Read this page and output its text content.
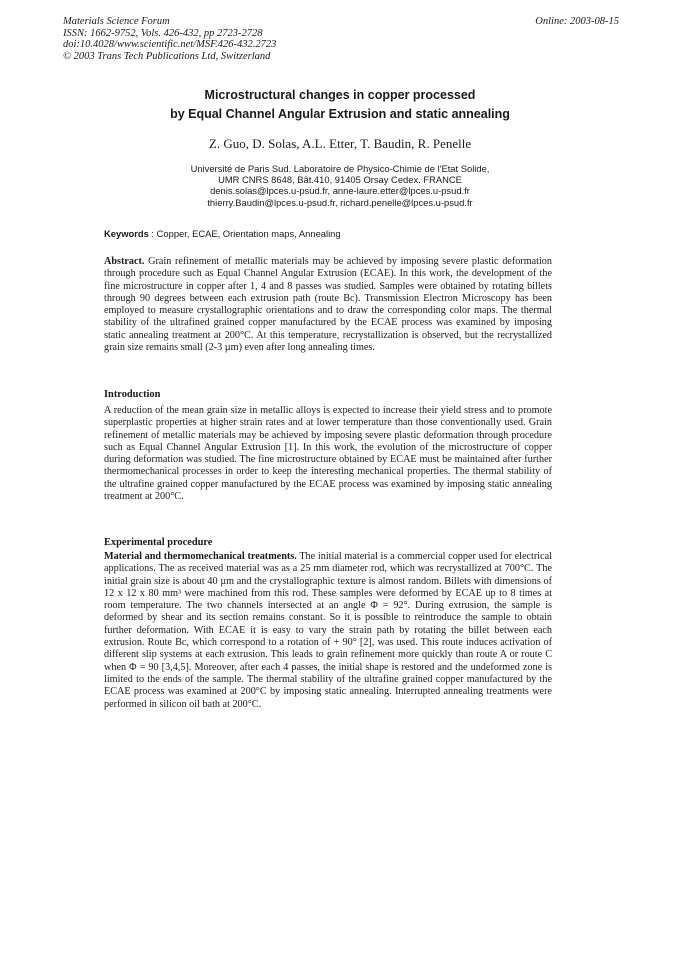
Materials Science Forum
ISSN: 1662-9752, Vols. 426-432, pp 2723-2728
doi:10.4028/www.scientific.net/MSF.426-432.2723
© 2003 Trans Tech Publications Ltd, Switzerland
Online: 2003-08-15
Microstructural changes in copper processed
by Equal Channel Angular Extrusion and static annealing
Z. Guo, D. Solas, A.L. Etter, T. Baudin, R. Penelle
Université de Paris Sud. Laboratoire de Physico-Chimie de l'Etat Solide,
UMR CNRS 8648, Bât.410, 91405 Orsay Cedex. FRANCE
denis.solas@lpces.u-psud.fr, anne-laure.etter@lpces.u-psud.fr
thierry.Baudin@lpces.u-psud.fr, richard.penelle@lpces.u-psud.fr
Keywords : Copper, ECAE, Orientation maps, Annealing

Abstract. Grain refinement of metallic materials may be achieved by imposing severe plastic deformation through procedure such as Equal Channel Angular Extrusion (ECAE). In this work, the development of the fine microstructure in copper after 1, 4 and 8 passes was studied. Samples were obtained by rotating billets through 90 degrees between each extrusion path (route Bc). Transmission Electron Microscopy has been employed to measure crystallographic orientations and to draw the corresponding color maps. The thermal stability of the ultrafined grained copper manufactured by the ECAE process was examined by imposing static annealing treatment at 200°C. At this temperature, recrystallization is observed, but the recrystallized grain size remains small (2-3 µm) even after long annealing times.

Introduction

A reduction of the mean grain size in metallic alloys is expected to increase their yield stress and to promote superplastic properties at higher strain rates and at lower temperature than those conventionally used. Grain refinement of metallic materials may be achieved by imposing severe plastic deformation through procedure such as Equal Channel Angular Extrusion [1]. In this work, the evolution of the microstructure of copper during deformation was studied. The fine microstructure obtained by ECAE must be maintained after further thermomechanical processes in order to keep the interesting mechanical properties. The thermal stability of the ultrafine grained copper manufactured by the ECAE process was examined by imposing static annealing treatment at 200°C.

Experimental procedure

Material and thermomechanical treatments. The initial material is a commercial copper used for electrical applications. The as received material was as a 25 mm diameter rod, which was recrystallized at 700°C. The initial grain size is about 40 µm and the crystallographic texture is almost random. Billets with dimensions of 12 x 12 x 80 mm³ were machined from this rod. These samples were deformed by ECAE up to 8 times at room temperature. The two channels intersected at an angle Φ = 92°. During extrusion, the sample is deformed by shear and its section remains constant. So it is possible to reintroduce the sample to obtain further deformation. With ECAE it is easy to vary the strain path by rotating the billet between each extrusion. Route Bc, which correspond to a rotation of + 90° [2], was used. This route induces activation of different slip systems at each extrusion. This leads to grain refinement more quickly than route A or route C when Φ = 90 [3,4,5]. Moreover, after each 4 passes, the initial shape is restored and the undeformed zone is limited to the ends of the sample. The thermal stability of the ultrafine grained copper manufactured by the ECAE process was examined at 200°C by imposing static annealing. Interrupted annealing treatments were performed in silicon oil bath at 200°C.
